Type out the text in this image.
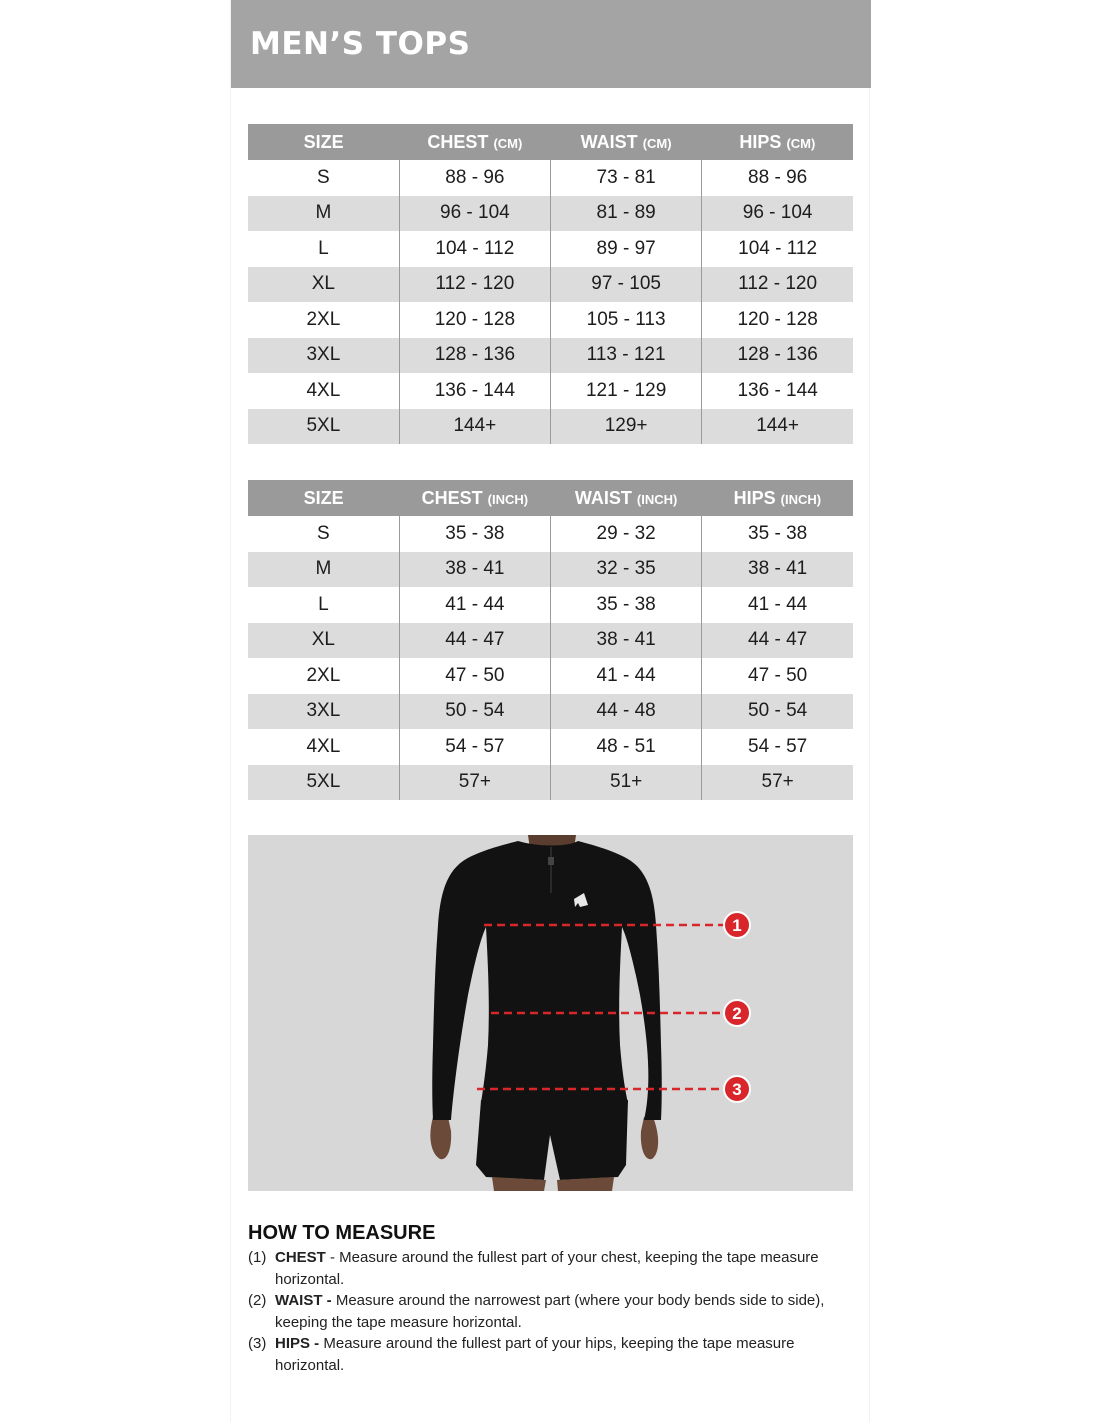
MEN’S TOPS
SIZE	CHEST (CM)	WAIST (CM)	HIPS (CM)
S	88 - 96	73 - 81	88 - 96
M	96 - 104	81 - 89	96 - 104
L	104 - 112	89 - 97	104 - 112
XL	112 - 120	97 - 105	112 - 120
2XL	120 - 128	105 - 113	120 - 128
3XL	128 - 136	113 - 121	128 - 136
4XL	136 - 144	121 - 129	136 - 144
5XL	144+	129+	144+
SIZE	CHEST (INCH)	WAIST (INCH)	HIPS (INCH)
S	35 - 38	29 - 32	35 - 38
M	38 - 41	32 - 35	38 - 41
L	41 - 44	35 - 38	41 - 44
XL	44 - 47	38 - 41	44 - 47
2XL	47 - 50	41 - 44	47 - 50
3XL	50 - 54	44 - 48	50 - 54
4XL	54 - 57	48 - 51	54 - 57
5XL	57+	51+	57+
1
2
3
HOW TO MEASURE
(1) CHEST - Measure around the fullest part of your chest, keeping the tape measure horizontal.
(2) WAIST - Measure around the narrowest part (where your body bends side to side), keeping the tape measure horizontal.
(3) HIPS - Measure around the fullest part of your hips, keeping the tape measure horizontal.
